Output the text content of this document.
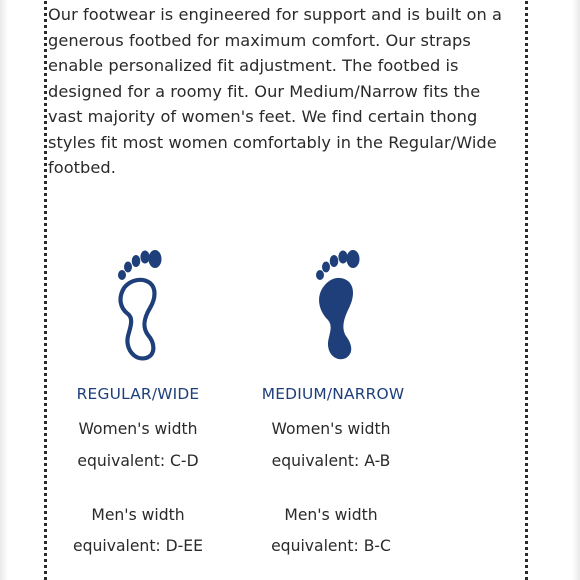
Our footwear is engineered for support and is built on a
generous footbed for maximum comfort. Our straps
enable personalized fit adjustment. The footbed is
designed for a roomy fit. Our Medium/Narrow fits the
vast majority of women's feet. We find certain thong
styles fit most women comfortably in the Regular/Wide
footbed.

REGULAR/WIDE

Women's width

equivalent: C-D

Men's width

equivalent: D-EE

MEDIUM/NARROW

Women's width

equivalent: A-B

Men's width

equivalent: B-C
